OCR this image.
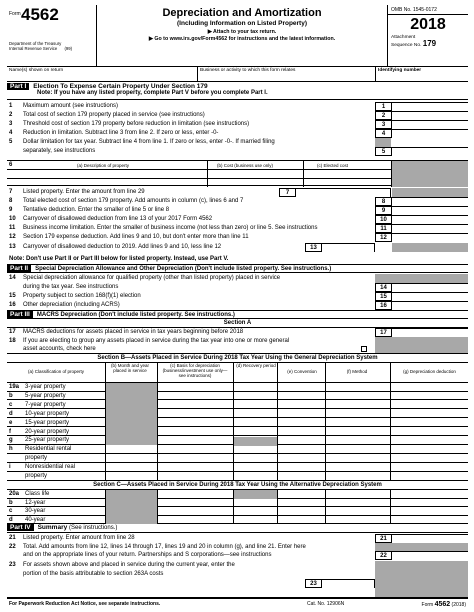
Form 4562
Department of the Treasury
Internal Revenue Service (99)
Depreciation and Amortization
(Including Information on Listed Property)
▶ Attach to your tax return.
▶ Go to www.irs.gov/Form4562 for instructions and the latest information.
OMB No. 1545-0172
2018
Attachment
Sequence No. 179
Name(s) shown on return	Business or activity to which this form relates	Identifying number
Part I Election To Expense Certain Property Under Section 179
Note: If you have any listed property, complete Part V before you complete Part I.
1 Maximum amount (see instructions)	1
2 Total cost of section 179 property placed in service (see instructions)	2
3 Threshold cost of section 179 property before reduction in limitation (see instructions)	3
4 Reduction in limitation. Subtract line 3 from line 2. If zero or less, enter -0-	4
5 Dollar limitation for tax year. Subtract line 4 from line 1. If zero or less, enter -0-. If married filing
separately, see instructions	5
6	(a) Description of property	(b) Cost (business use only)	(c) Elected cost
7 Listed property. Enter the amount from line 29	7
8 Total elected cost of section 179 property. Add amounts in column (c), lines 6 and 7	8
9 Tentative deduction. Enter the smaller of line 5 or line 8	9
10 Carryover of disallowed deduction from line 13 of your 2017 Form 4562	10
11 Business income limitation. Enter the smaller of business income (not less than zero) or line 5. See instructions	11
12 Section 179 expense deduction. Add lines 9 and 10, but don't enter more than line 11	12
13 Carryover of disallowed deduction to 2019. Add lines 9 and 10, less line 12	13
Note: Don't use Part II or Part III below for listed property. Instead, use Part V.
Part II Special Depreciation Allowance and Other Depreciation (Don't include listed property. See instructions.)
14 Special depreciation allowance for qualified property (other than listed property) placed in service
during the tax year. See instructions	14
15 Property subject to section 168(f)(1) election	15
16 Other depreciation (including ACRS)	16
Part III MACRS Depreciation (Don't include listed property. See instructions.)
Section A
17 MACRS deductions for assets placed in service in tax years beginning before 2018	17
18 If you are electing to group any assets placed in service during the tax year into one or more general
asset accounts, check here
Section B—Assets Placed in Service During 2018 Tax Year Using the General Depreciation System
(a) Classification of property
(b) Month and year placed in service
(c) Basis for depreciation (business/investment use only—see instructions)
(d) Recovery period
(e) Convention	(f) Method	(g) Depreciation deduction
19a 3-year property
b 5-year property
c 7-year property
d 10-year property
e 15-year property
f 20-year property
g 25-year property
h Residential rental
property
i Nonresidential real
property
Section C—Assets Placed in Service During 2018 Tax Year Using the Alternative Depreciation System
20a Class life
b 12-year
c 30-year
d 40-year
Part IV Summary (See instructions.)
21 Listed property. Enter amount from line 28	21
22 Total. Add amounts from line 12, lines 14 through 17, lines 19 and 20 in column (g), and line 21. Enter here
and on the appropriate lines of your return. Partnerships and S corporations—see instructions	22
23 For assets shown above and placed in service during the current year, enter the
portion of the basis attributable to section 263A costs
23
For Paperwork Reduction Act Notice, see separate instructions.	Cat. No. 12906N	Form 4562 (2018)
